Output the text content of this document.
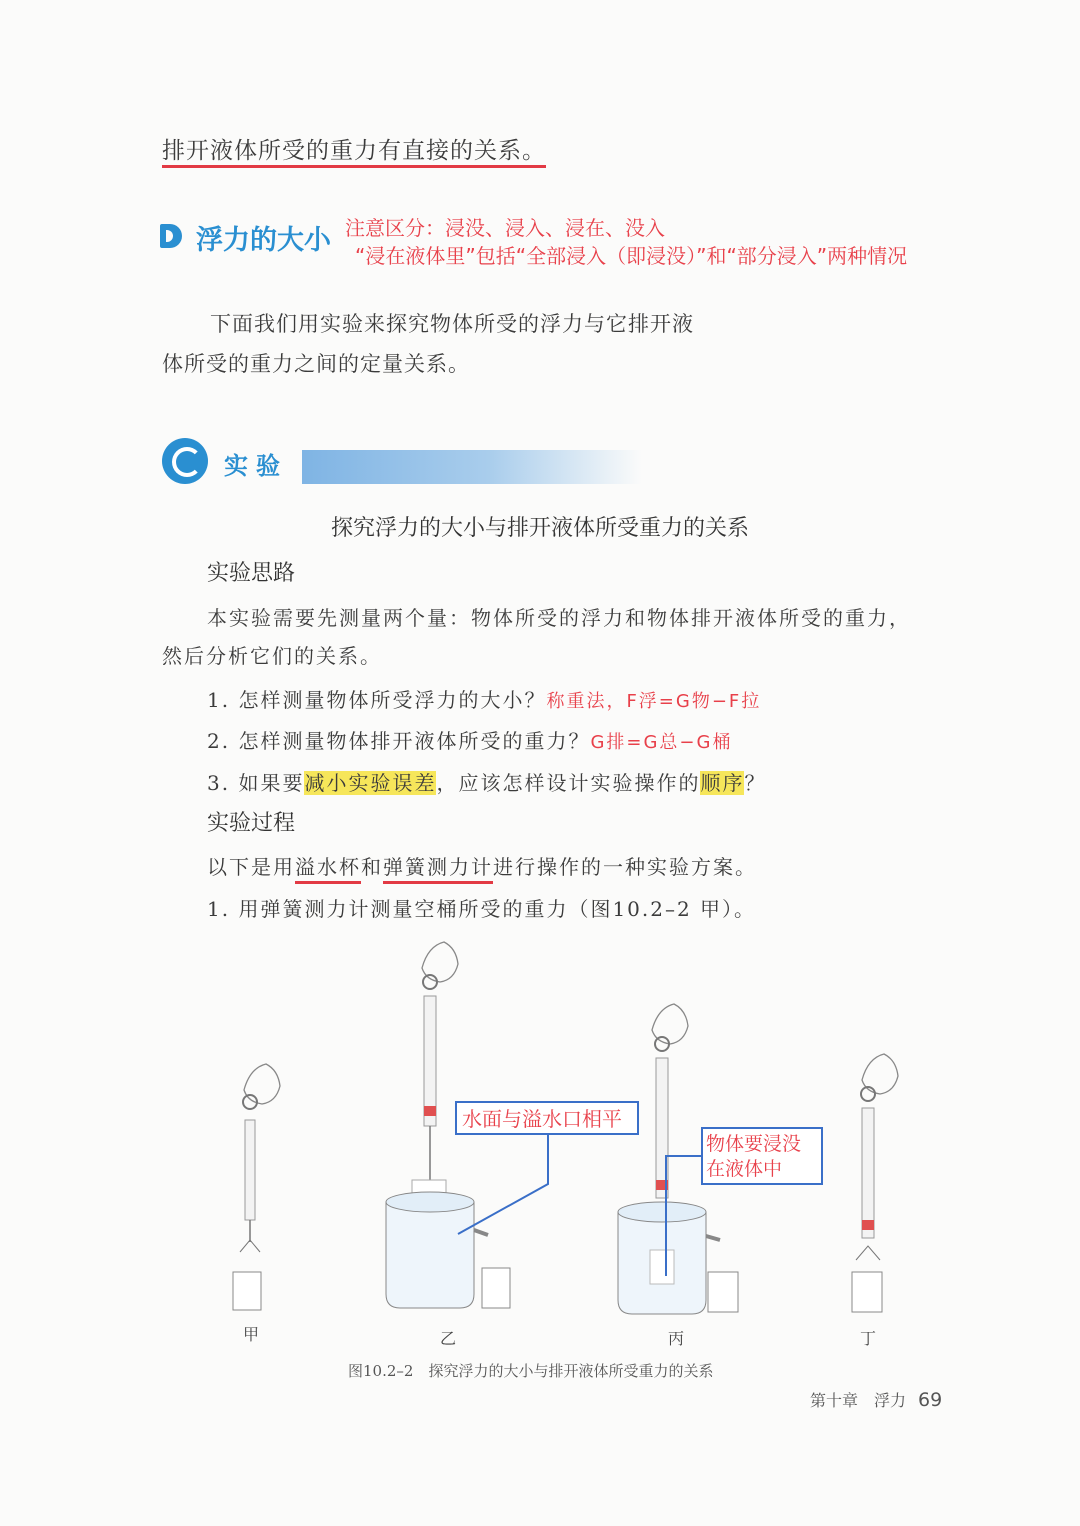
排开液体所受的重力有直接的关系。
浮力的大小 注意区分：浸没、浸入、浸在、没入
“浸在液体里”包括“全部浸入（即浸没）”和“部分浸入”两种情况
下面我们用实验来探究物体所受的浮力与它排开液
体所受的重力之间的定量关系。
实验
探究浮力的大小与排开液体所受重力的关系
实验思路
本实验需要先测量两个量：物体所受的浮力和物体排开液体所受的重力，
然后分析它们的关系。
1. 怎样测量物体所受浮力的大小？称重法，F浮=G物−F拉
2. 怎样测量物体排开液体所受的重力？G排=G总−G桶
3. 如果要减小实验误差，应该怎样设计实验操作的顺序？
实验过程
以下是用溢水杯和弹簧测力计进行操作的一种实验方案。
1. 用弹簧测力计测量空桶所受的重力（图10.2–2 甲）。
水面与溢水口相平
物体要浸没
在液体中
甲	乙	丙	丁
图10.2–2　探究浮力的大小与排开液体所受重力的关系
第十章　浮力 69
